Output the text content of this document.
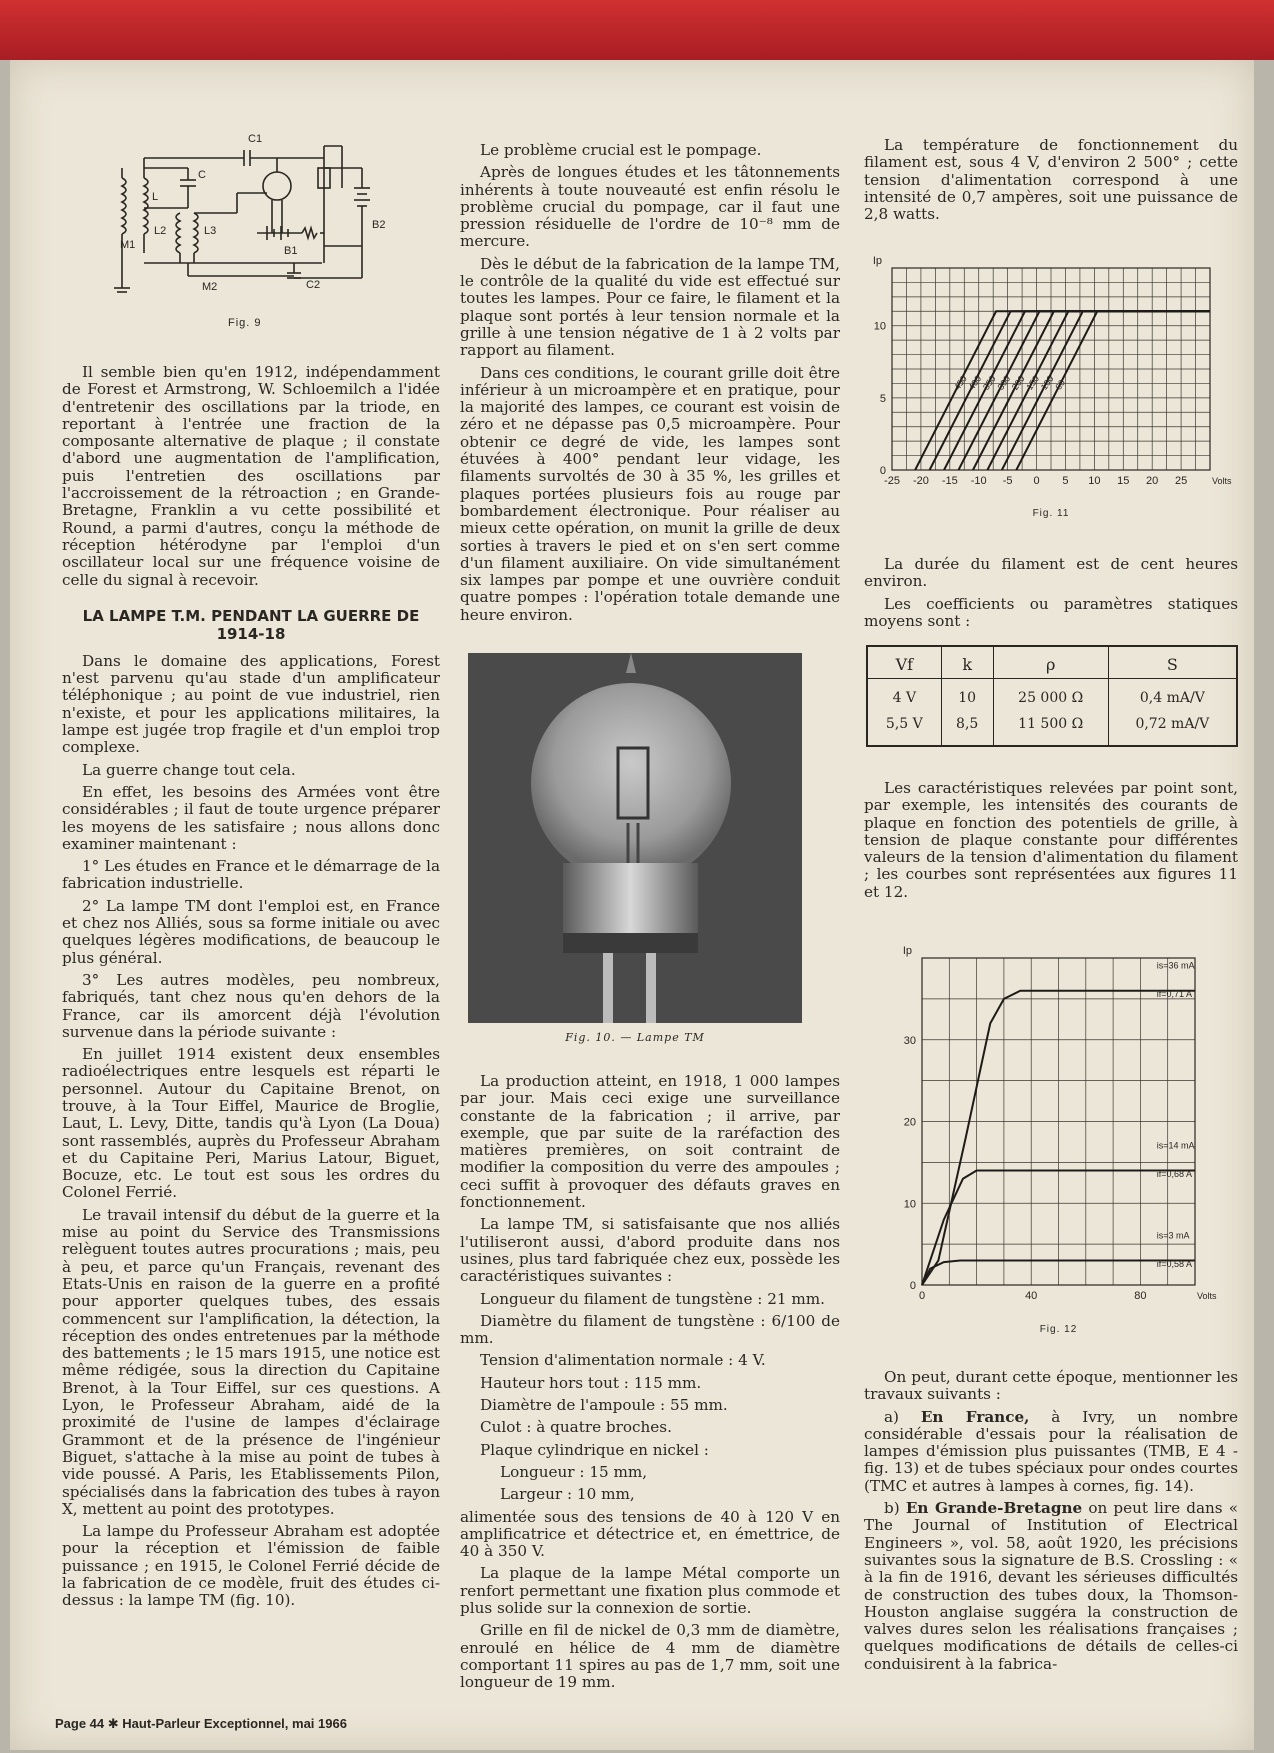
C1
C
L
M1
L2	L3
B1
B2
M2	C2
Fig. 9

Il semble bien qu'en 1912, indépendamment de Forest et Armstrong, W. Schloemilch a l'idée d'entretenir des oscillations par la triode, en reportant à l'entrée une fraction de la composante alternative de plaque ; il constate d'abord une augmentation de l'amplification, puis l'entretien des oscillations par l'accroissement de la rétroaction ; en Grande-Bretagne, Franklin a vu cette possibilité et Round, a parmi d'autres, conçu la méthode de réception hétérodyne par l'emploi d'un oscillateur local sur une fréquence voisine de celle du signal à recevoir.

LA LAMPE T.M. PENDANT LA GUERRE DE 1914-18

Dans le domaine des applications, Forest n'est parvenu qu'au stade d'un amplificateur téléphonique ; au point de vue industriel, rien n'existe, et pour les applications militaires, la lampe est jugée trop fragile et d'un emploi trop complexe.

La guerre change tout cela.

En effet, les besoins des Armées vont être considérables ; il faut de toute urgence préparer les moyens de les satisfaire ; nous allons donc examiner maintenant :

1° Les études en France et le démarrage de la fabrication industrielle.

2° La lampe TM dont l'emploi est, en France et chez nos Alliés, sous sa forme initiale ou avec quelques légères modifications, de beaucoup le plus général.

3° Les autres modèles, peu nombreux, fabriqués, tant chez nous qu'en dehors de la France, car ils amorcent déjà l'évolution survenue dans la période suivante :

En juillet 1914 existent deux ensembles radioélectriques entre lesquels est réparti le personnel. Autour du Capitaine Brenot, on trouve, à la Tour Eiffel, Maurice de Broglie, Laut, L. Levy, Ditte, tandis qu'à Lyon (La Doua) sont rassemblés, auprès du Professeur Abraham et du Capitaine Peri, Marius Latour, Biguet, Bocuze, etc. Le tout est sous les ordres du Colonel Ferrié.

Le travail intensif du début de la guerre et la mise au point du Service des Transmissions relèguent toutes autres procurations ; mais, peu à peu, et parce qu'un Français, revenant des Etats-Unis en raison de la guerre en a profité pour apporter quelques tubes, des essais commencent sur l'amplification, la détection, la réception des ondes entretenues par la méthode des battements ; le 15 mars 1915, une notice est même rédigée, sous la direction du Capitaine Brenot, à la Tour Eiffel, sur ces questions. A Lyon, le Professeur Abraham, aidé de la proximité de l'usine de lampes d'éclairage Grammont et de la présence de l'ingénieur Biguet, s'attache à la mise au point de tubes à vide poussé. A Paris, les Etablissements Pilon, spécialisés dans la fabrication des tubes à rayon X, mettent au point des prototypes.

La lampe du Professeur Abraham est adoptée pour la réception et l'émission de faible puissance ; en 1915, le Colonel Ferrié décide de la fabrication de ce modèle, fruit des études ci-dessus : la lampe TM (fig. 10).

Le problème crucial est le pompage.

Après de longues études et les tâtonnements inhérents à toute nouveauté est enfin résolu le problème crucial du pompage, car il faut une pression résiduelle de l'ordre de 10⁻⁸ mm de mercure.

Dès le début de la fabrication de la lampe TM, le contrôle de la qualité du vide est effectué sur toutes les lampes. Pour ce faire, le filament et la plaque sont portés à leur tension normale et la grille à une tension négative de 1 à 2 volts par rapport au filament.

Dans ces conditions, le courant grille doit être inférieur à un microampère et en pratique, pour la majorité des lampes, ce courant est voisin de zéro et ne dépasse pas 0,5 microampère. Pour obtenir ce degré de vide, les lampes sont étuvées à 400° pendant leur vidage, les filaments survoltés de 30 à 35 %, les grilles et plaques portées plusieurs fois au rouge par bombardement électronique. Pour réaliser au mieux cette opération, on munit la grille de deux sorties à travers le pied et on s'en sert comme d'un filament auxiliaire. On vide simultanément six lampes par pompe et une ouvrière conduit quatre pompes : l'opération totale demande une heure environ.

Fig. 10. — Lampe TM

La production atteint, en 1918, 1 000 lampes par jour. Mais ceci exige une surveillance constante de la fabrication ; il arrive, par exemple, que par suite de la raréfaction des matières premières, on soit contraint de modifier la composition du verre des ampoules ; ceci suffit à provoquer des défauts graves en fonctionnement.

La lampe TM, si satisfaisante que nos alliés l'utiliseront aussi, d'abord produite dans nos usines, plus tard fabriquée chez eux, possède les caractéristiques suivantes :

Longueur du filament de tungstène : 21 mm.

Diamètre du filament de tungstène : 6/100 de mm.

Tension d'alimentation normale : 4 V.

Hauteur hors tout : 115 mm.

Diamètre de l'ampoule : 55 mm.

Culot : à quatre broches.

Plaque cylindrique en nickel :

Longueur : 15 mm,

Largeur : 10 mm,

alimentée sous des tensions de 40 à 120 V en amplificatrice et détectrice et, en émettrice, de 40 à 350 V.

La plaque de la lampe Métal comporte un renfort permettant une fixation plus commode et plus solide sur la connexion de sortie.

Grille en fil de nickel de 0,3 mm de diamètre, enroulé en hélice de 4 mm de diamètre comportant 11 spires au pas de 1,7 mm, soit une longueur de 19 mm.

La température de fonctionnement du filament est, sous 4 V, d'environ 2 500° ; cette tension d'alimentation correspond à une intensité de 0,7 ampères, soit une puissance de 2,8 watts.

-25 -20 -15 -10 -5 0 5 10 15 20 25
0
5
10
Ip
Volts
450
400
350
300
200
150
100
60
Fig. 11

La durée du filament est de cent heures environ.

Les coefficients ou paramètres statiques moyens sont :

Vf	k	ρ	S
4 V	10	25 000 Ω	0,4 mA/V
5,5 V	8,5	11 500 Ω	0,72 mA/V

Les caractéristiques relevées par point sont, par exemple, les intensités des courants de plaque en fonction des potentiels de grille, à tension de plaque constante pour différentes valeurs de la tension d'alimentation du filament ; les courbes sont représentées aux figures 11 et 12.

0	40	80
0
10
20
30
Ip
Volts
Fig. 12
is=36 mA
if=0,71 A
is=14 mA
if=0,68 A
is=3 mA
if=0,58 A

On peut, durant cette époque, mentionner les travaux suivants :

a) En France, à Ivry, un nombre considérable d'essais pour la réalisation de lampes d'émission plus puissantes (TMB, E 4 - fig. 13) et de tubes spéciaux pour ondes courtes (TMC et autres à lampes à cornes, fig. 14).

b) En Grande-Bretagne on peut lire dans « The Journal of Institution of Electrical Engineers », vol. 58, août 1920, les précisions suivantes sous la signature de B.S. Crossling : « à la fin de 1916, devant les sérieuses difficultés de construction des tubes doux, la Thomson-Houston anglaise suggéra la construction de valves dures selon les réalisations françaises ; quelques modifications de détails de celles-ci conduisirent à la fabrica-

Page 44 ✱ Haut-Parleur Exceptionnel, mai 1966
